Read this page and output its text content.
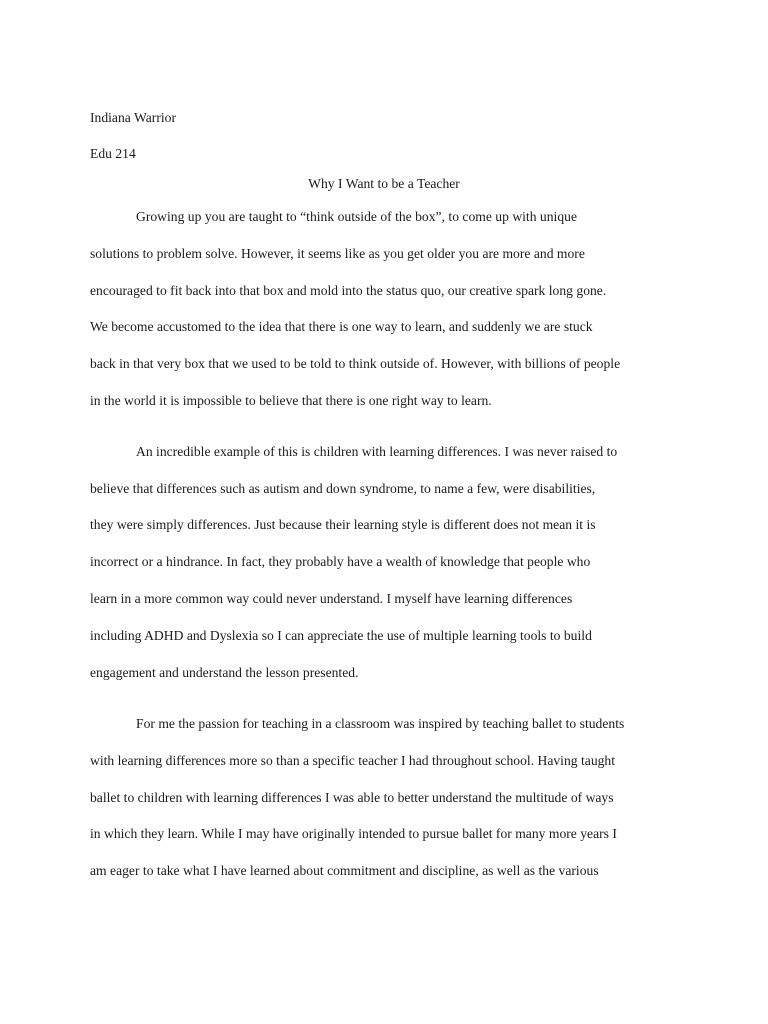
Indiana Warrior
Edu 214
Why I Want to be a Teacher
Growing up you are taught to “think outside of the box”, to come up with unique
solutions to problem solve. However, it seems like as you get older you are more and more
encouraged to fit back into that box and mold into the status quo, our creative spark long gone.
We become accustomed to the idea that there is one way to learn, and suddenly we are stuck
back in that very box that we used to be told to think outside of. However, with billions of people
in the world it is impossible to believe that there is one right way to learn.
An incredible example of this is children with learning differences. I was never raised to
believe that differences such as autism and down syndrome, to name a few, were disabilities,
they were simply differences. Just because their learning style is different does not mean it is
incorrect or a hindrance. In fact, they probably have a wealth of knowledge that people who
learn in a more common way could never understand. I myself have learning differences
including ADHD and Dyslexia so I can appreciate the use of multiple learning tools to build
engagement and understand the lesson presented.
For me the passion for teaching in a classroom was inspired by teaching ballet to students
with learning differences more so than a specific teacher I had throughout school. Having taught
ballet to children with learning differences I was able to better understand the multitude of ways
in which they learn. While I may have originally intended to pursue ballet for many more years I
am eager to take what I have learned about commitment and discipline, as well as the various
